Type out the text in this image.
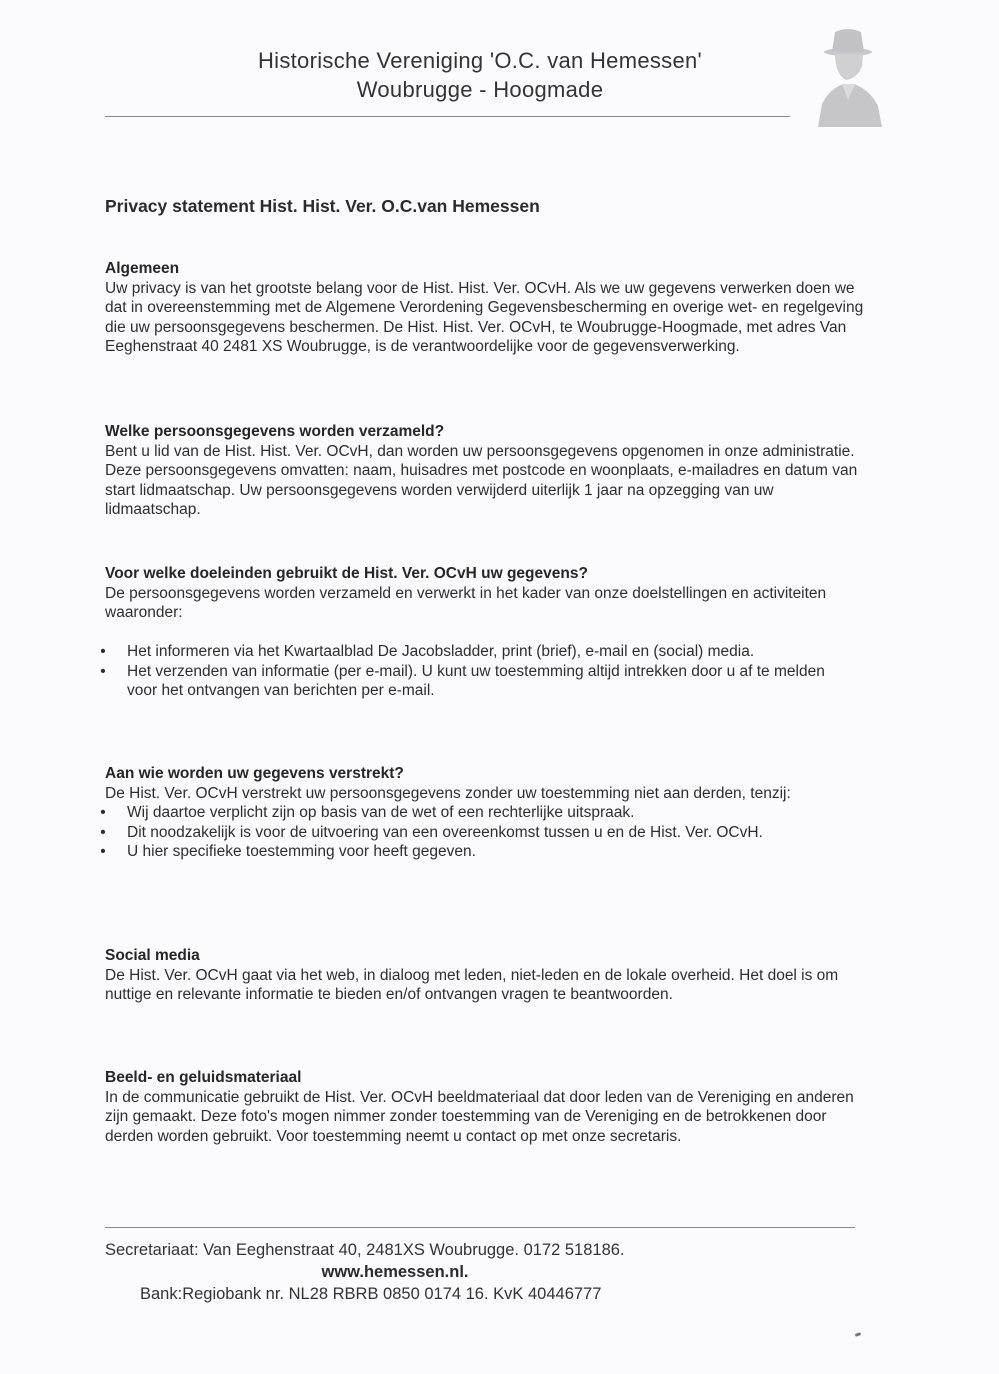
Historische Vereniging 'O.C. van Hemessen'
Woubrugge - Hoogmade
Privacy statement Hist. Hist. Ver. O.C.van Hemessen
Algemeen

Uw privacy is van het grootste belang voor de Hist. Hist. Ver. OCvH. Als we uw gegevens verwerken doen we dat in overeenstemming met de Algemene Verordening Gegevensbescherming en overige wet- en regelgeving die uw persoonsgegevens beschermen. De Hist. Hist. Ver. OCvH, te Woubrugge-Hoogmade, met adres Van Eeghenstraat 40 2481 XS Woubrugge, is de verantwoordelijke voor de gegevensverwerking.

Welke persoonsgegevens worden verzameld?

Bent u lid van de Hist. Hist. Ver. OCvH, dan worden uw persoonsgegevens opgenomen in onze administratie. Deze persoonsgegevens omvatten: naam, huisadres met postcode en woonplaats, e-mailadres en datum van start lidmaatschap. Uw persoonsgegevens worden verwijderd uiterlijk 1 jaar na opzegging van uw lidmaatschap.

Voor welke doeleinden gebruikt de Hist. Ver. OCvH uw gegevens?

De persoonsgegevens worden verzameld en verwerkt in het kader van onze doelstellingen en activiteiten waaronder:

• Het informeren via het Kwartaalblad De Jacobsladder, print (brief), e-mail en (social) media.
• Het verzenden van informatie (per e-mail). U kunt uw toestemming altijd intrekken door u af te melden voor het ontvangen van berichten per e-mail.
Aan wie worden uw gegevens verstrekt?

De Hist. Ver. OCvH verstrekt uw persoonsgegevens zonder uw toestemming niet aan derden, tenzij:

• Wij daartoe verplicht zijn op basis van de wet of een rechterlijke uitspraak.
• Dit noodzakelijk is voor de uitvoering van een overeenkomst tussen u en de Hist. Ver. OCvH.
• U hier specifieke toestemming voor heeft gegeven.
Social media

De Hist. Ver. OCvH gaat via het web, in dialoog met leden, niet-leden en de lokale overheid. Het doel is om nuttige en relevante informatie te bieden en/of ontvangen vragen te beantwoorden.

Beeld- en geluidsmateriaal

In de communicatie gebruikt de Hist. Ver. OCvH beeldmateriaal dat door leden van de Vereniging en anderen zijn gemaakt. Deze foto's mogen nimmer zonder toestemming van de Vereniging en de betrokkenen door derden worden gebruikt. Voor toestemming neemt u contact op met onze secretaris.

Secretariaat: Van Eeghenstraat 40, 2481XS Woubrugge. 0172 518186.
www.hemessen.nl.
Bank:Regiobank nr. NL28 RBRB 0850 0174 16. KvK 40446777
